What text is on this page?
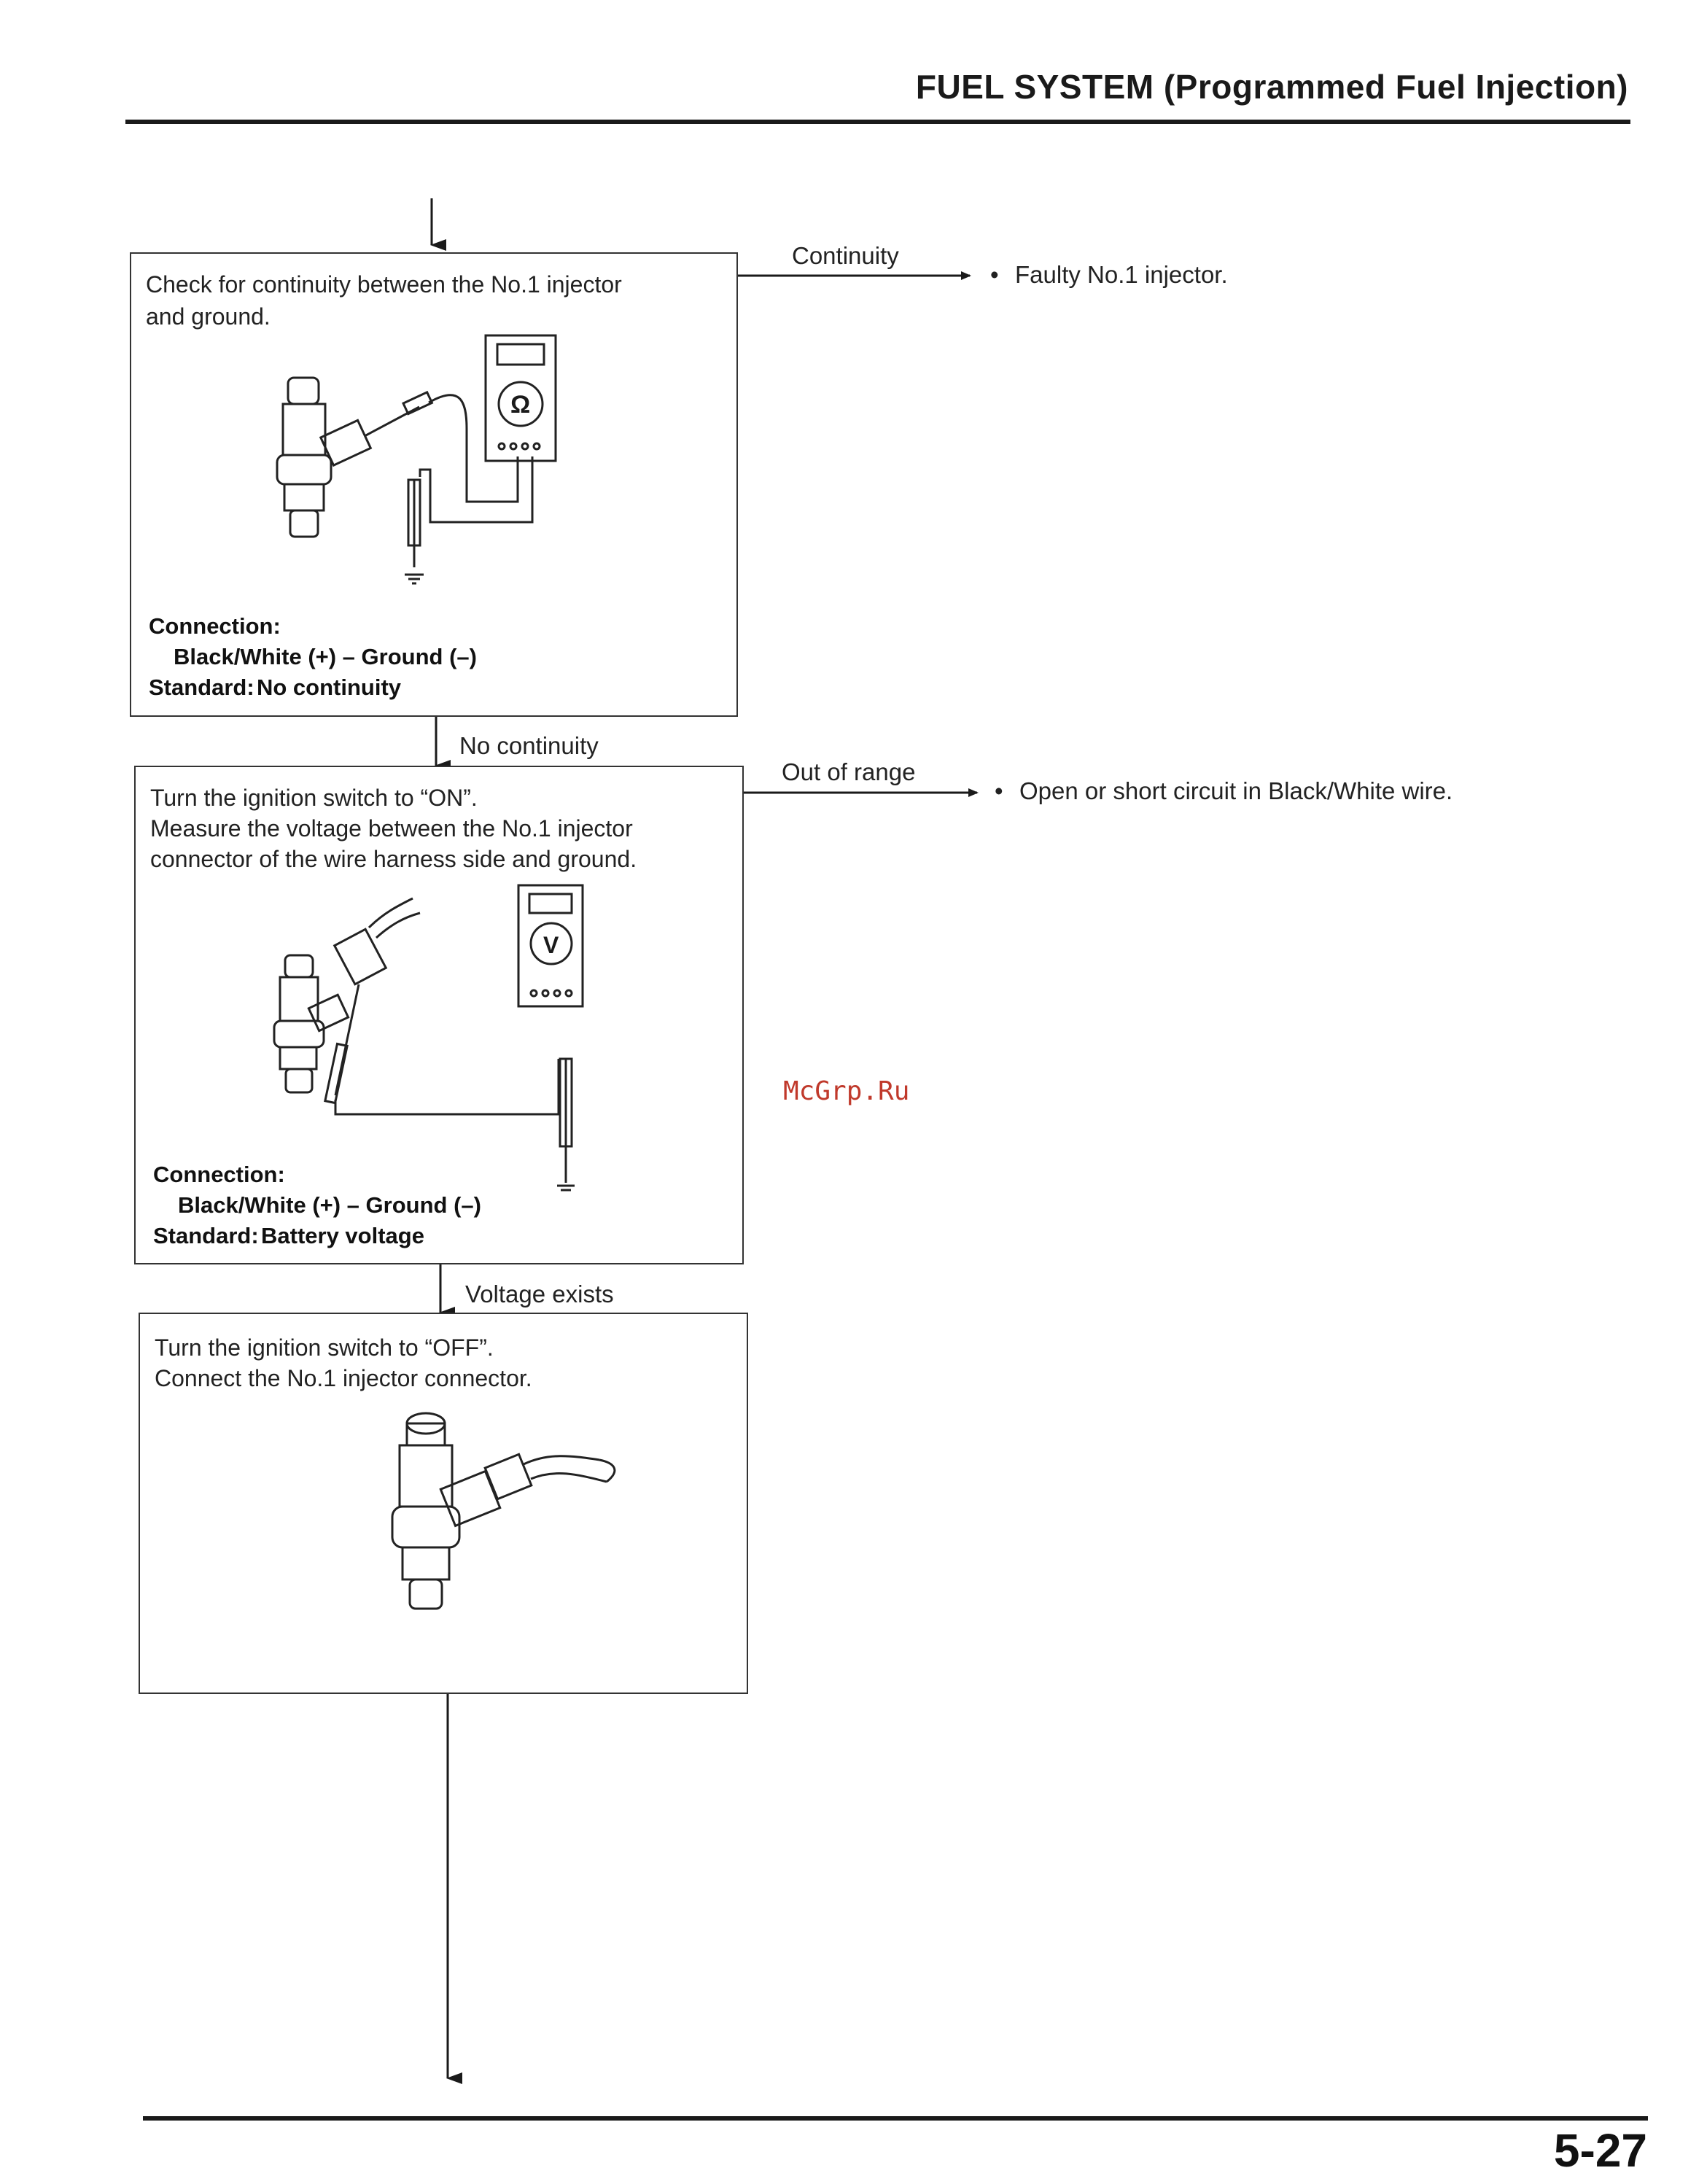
FUEL SYSTEM (Programmed Fuel Injection)
Check for continuity between the No.1 injector
and ground.
Ω
Connection:
Black/White (+) – Ground (–)
Standard: No continuity
Continuity
• Faulty No.1 injector.
No continuity
Turn the ignition switch to “ON”.
Measure the voltage between the No.1 injector
connector of the wire harness side and ground.
V
Connection:
Black/White (+) – Ground (–)
Standard: Battery voltage
Out of range
• Open or short circuit in Black/White wire.
Voltage exists
Turn the ignition switch to “OFF”.
Connect the No.1 injector connector.
McGrp.Ru
5-27
